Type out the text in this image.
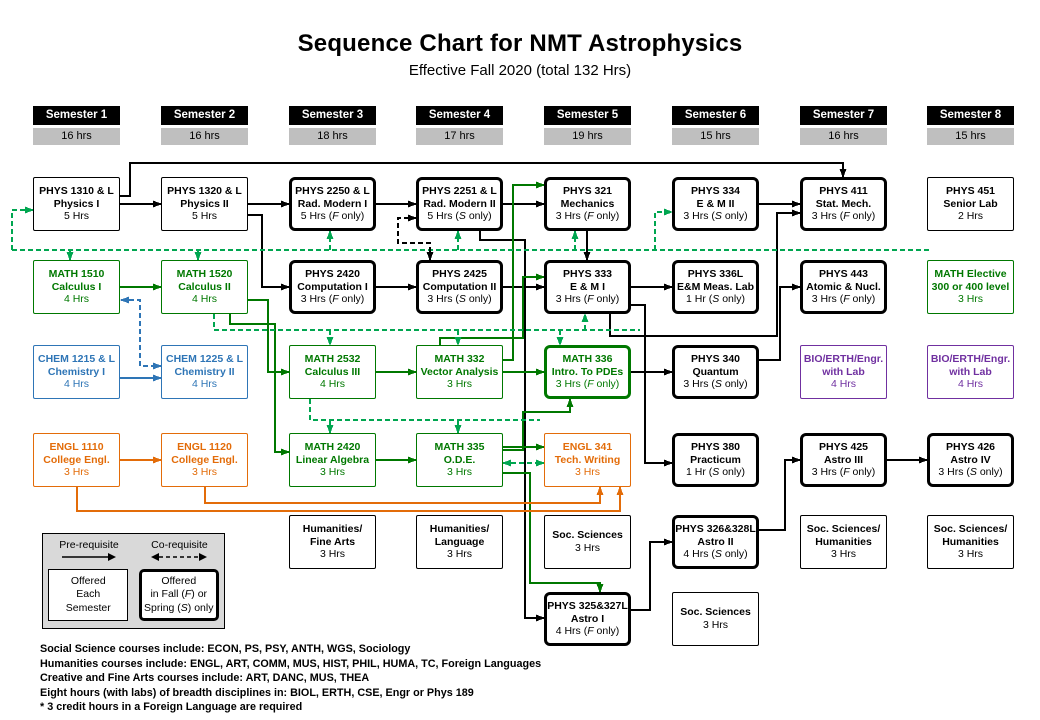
Sequence Chart for NMT Astrophysics
Effective Fall 2020 (total 132 Hrs)
Semester 1
16 hrs
Semester 2
16 hrs
Semester 3
18 hrs
Semester 4
17 hrs
Semester 5
19 hrs
Semester 6
15 hrs
Semester 7
16 hrs
Semester 8
15 hrs
PHYS 1310 & L
Physics I
5 Hrs
PHYS 1320 & L
Physics II
5 Hrs
PHYS 2250 & L
Rad. Modern I
5 Hrs (F only)
PHYS 2251 & L
Rad. Modern II
5 Hrs (S only)
PHYS 321
Mechanics
3 Hrs (F only)
PHYS 334
E & M II
3 Hrs (S only)
PHYS 411
Stat. Mech.
3 Hrs (F only)
PHYS 451
Senior Lab
2 Hrs
MATH 1510
Calculus I
4 Hrs
MATH 1520
Calculus II
4 Hrs
PHYS 2420
Computation I
3 Hrs (F only)
PHYS 2425
Computation II
3 Hrs (S only)
PHYS 333
E & M I
3 Hrs (F only)
PHYS 336L
E&M Meas. Lab
1 Hr (S only)
PHYS 443
Atomic & Nucl.
3 Hrs (F only)
MATH Elective
300 or 400 level
3 Hrs
CHEM 1215 & L
Chemistry I
4 Hrs
CHEM 1225 & L
Chemistry II
4 Hrs
MATH 2532
Calculus III
4 Hrs
MATH 332
Vector Analysis
3 Hrs
MATH 336
Intro. To PDEs
3 Hrs (F only)
PHYS 340
Quantum
3 Hrs (S only)
BIO/ERTH/Engr.
with Lab
4 Hrs
BIO/ERTH/Engr.
with Lab
4 Hrs
ENGL 1110
College Engl.
3 Hrs
ENGL 1120
College Engl.
3 Hrs
MATH 2420
Linear Algebra
3 Hrs
MATH 335
O.D.E.
3 Hrs
ENGL 341
Tech. Writing
3 Hrs
PHYS 380
Practicum
1 Hr (S only)
PHYS 425
Astro III
3 Hrs (F only)
PHYS 426
Astro IV
3 Hrs (S only)
Humanities/
Fine Arts
3 Hrs
Humanities/
Language
3 Hrs
Soc. Sciences
3 Hrs
PHYS 326&328L
Astro II
4 Hrs (S only)
Soc. Sciences/
Humanities
3 Hrs
Soc. Sciences/
Humanities
3 Hrs
PHYS 325&327L
Astro I
4 Hrs (F only)
Soc. Sciences
3 Hrs
Pre-requisite	Co-requisite
Offered
Each
Semester
Offered
in Fall (F) or
Spring (S) only
Social Science courses include: ECON, PS, PSY, ANTH, WGS, Sociology
Humanities courses include: ENGL, ART, COMM, MUS, HIST, PHIL, HUMA, TC, Foreign Languages
Creative and Fine Arts courses include: ART, DANC, MUS, THEA
Eight hours (with labs) of breadth disciplines in: BIOL, ERTH, CSE, Engr or Phys 189
* 3 credit hours in a Foreign Language are required
